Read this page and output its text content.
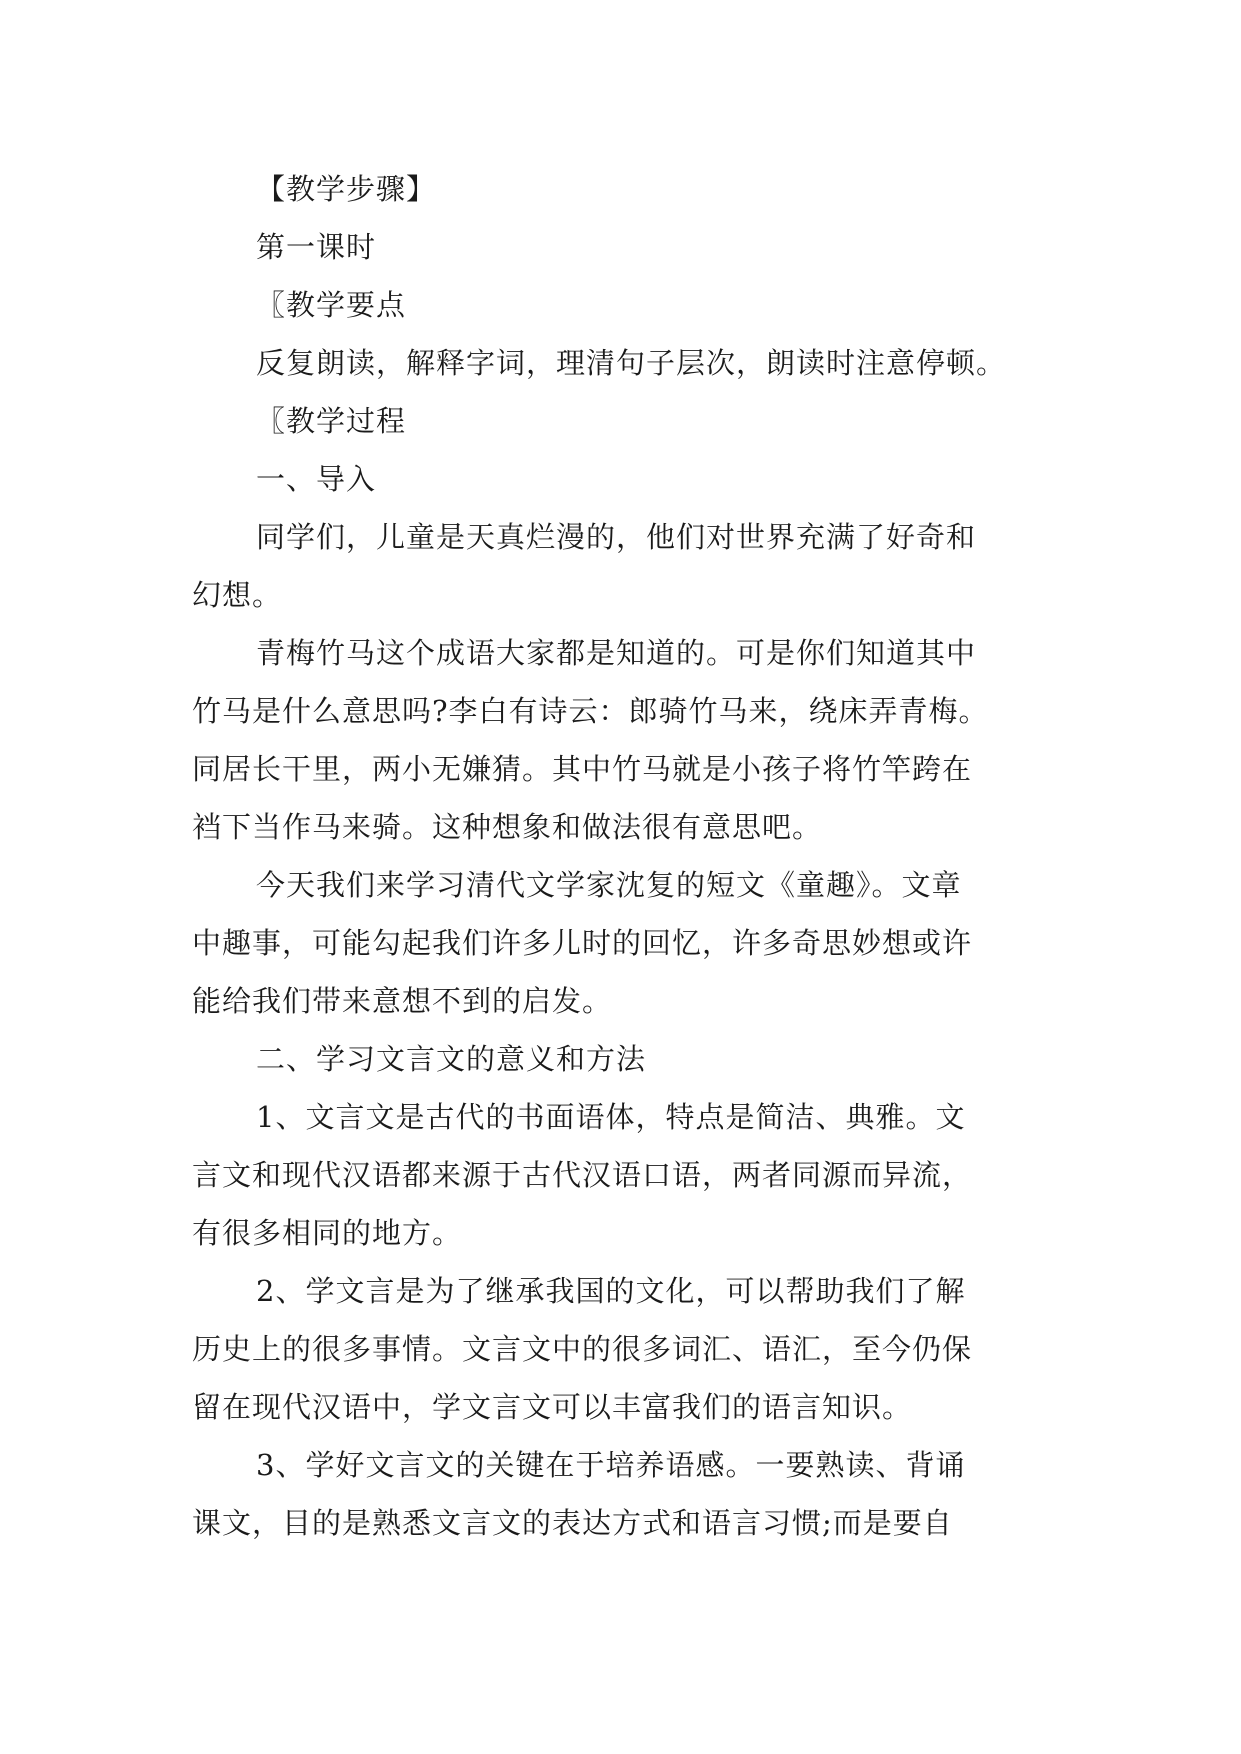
【教学步骤】
第一课时
〖教学要点
反复朗读，解释字词，理清句子层次，朗读时注意停顿。
〖教学过程
一、导入
同学们，儿童是天真烂漫的，他们对世界充满了好奇和
幻想。
青梅竹马这个成语大家都是知道的。可是你们知道其中
竹马是什么意思吗?李白有诗云：郎骑竹马来，绕床弄青梅。
同居长干里，两小无嫌猜。其中竹马就是小孩子将竹竿跨在
裆下当作马来骑。这种想象和做法很有意思吧。
今天我们来学习清代文学家沈复的短文《童趣》。文章
中趣事，可能勾起我们许多儿时的回忆，许多奇思妙想或许
能给我们带来意想不到的启发。
二、学习文言文的意义和方法
1、文言文是古代的书面语体，特点是简洁、典雅。文
言文和现代汉语都来源于古代汉语口语，两者同源而异流，
有很多相同的地方。
2、学文言是为了继承我国的文化，可以帮助我们了解
历史上的很多事情。文言文中的很多词汇、语汇，至今仍保
留在现代汉语中，学文言文可以丰富我们的语言知识。
3、学好文言文的关键在于培养语感。一要熟读、背诵
课文，目的是熟悉文言文的表达方式和语言习惯;而是要自
